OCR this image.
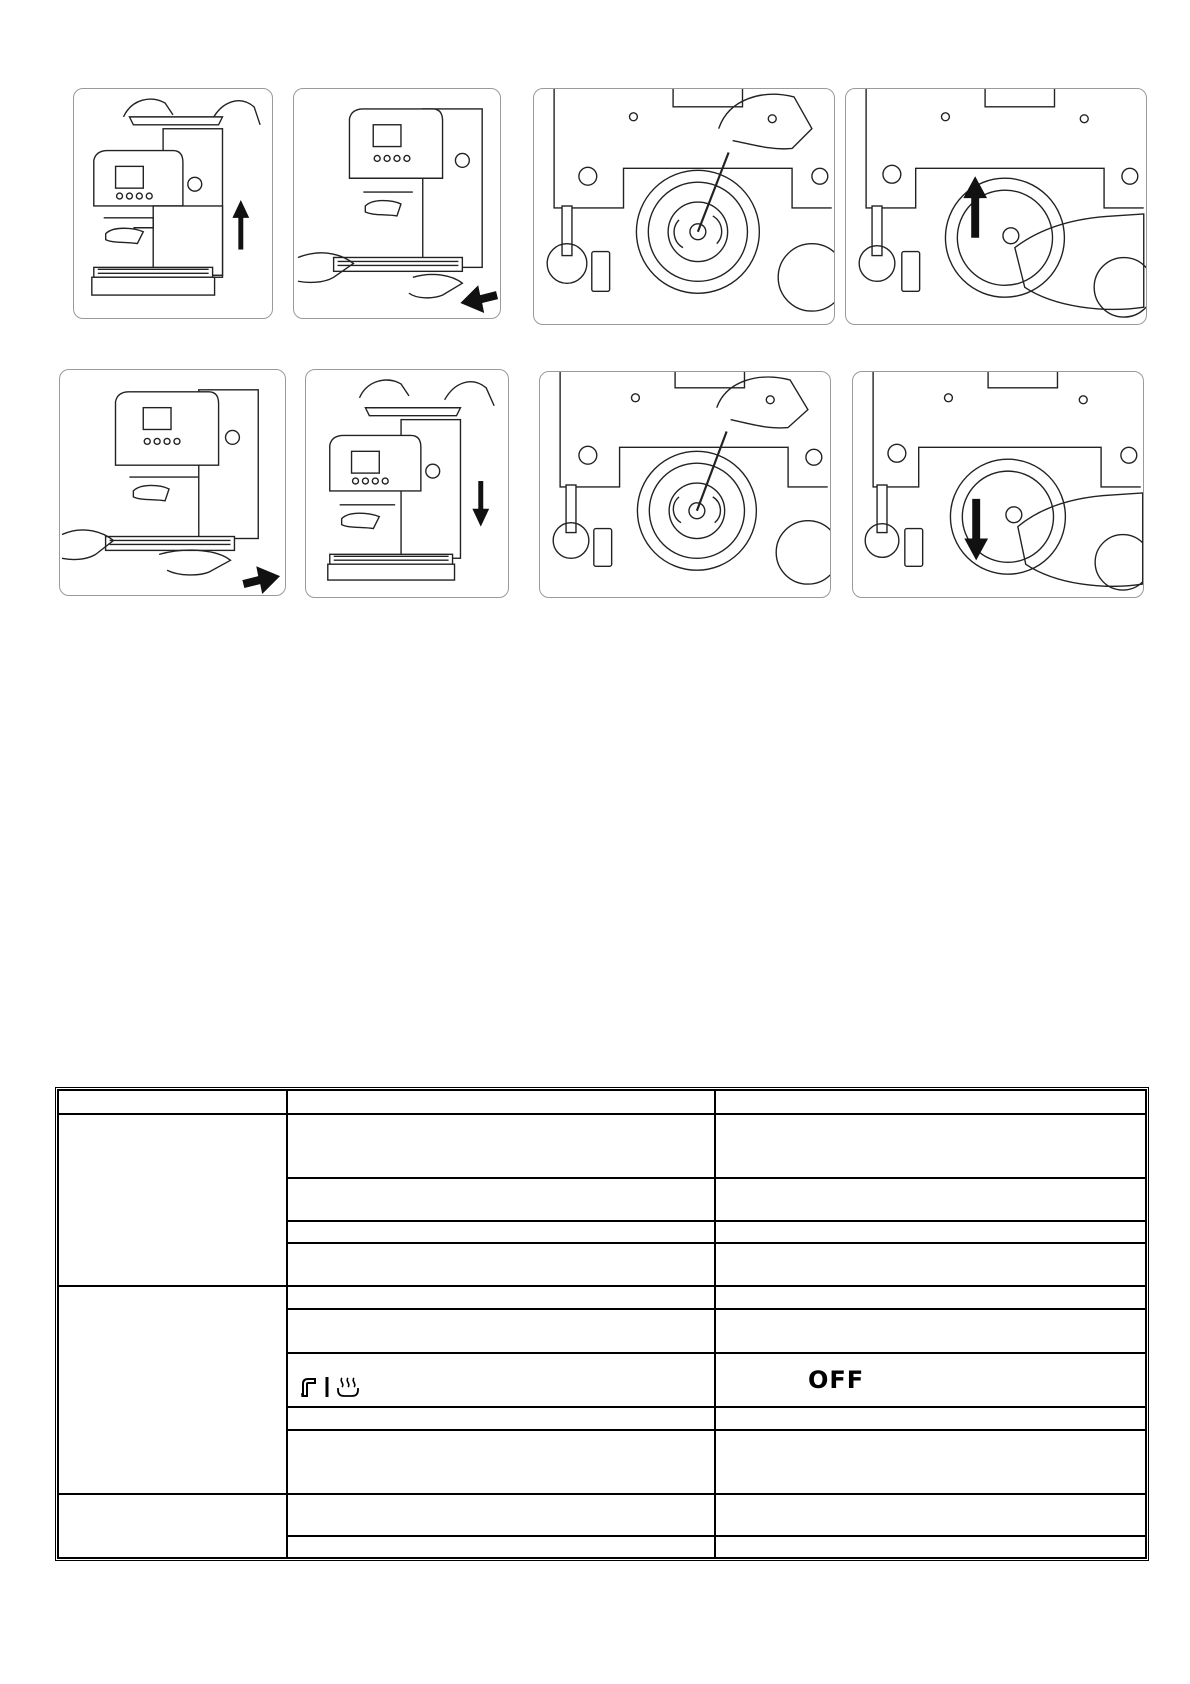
	OFF
